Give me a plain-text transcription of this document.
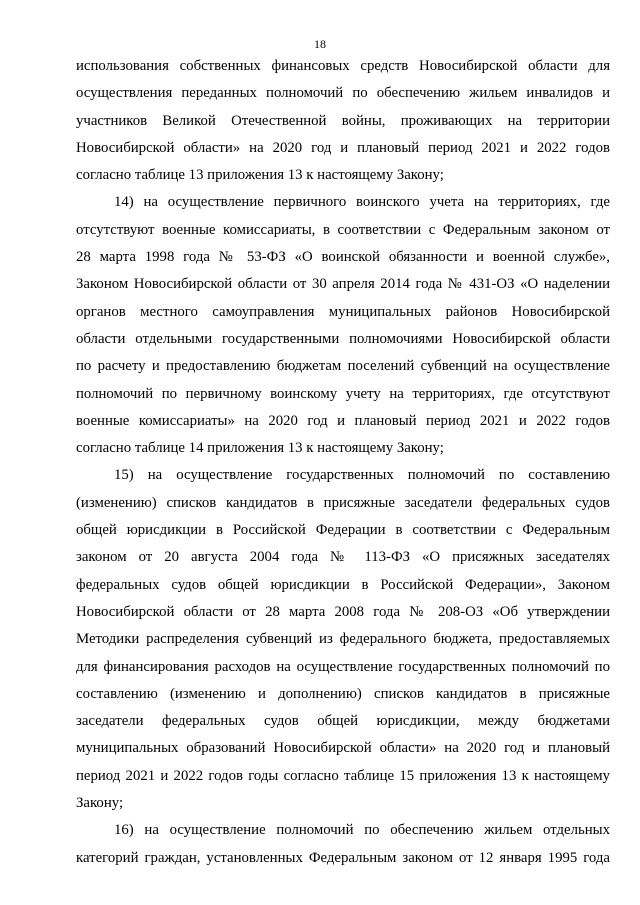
18
использования собственных финансовых средств Новосибирской области для
осуществления переданных полномочий по обеспечению жильем инвалидов и
участников Великой Отечественной войны, проживающих на территории
Новосибирской области» на 2020 год и плановый период 2021 и 2022 годов
согласно таблице 13 приложения 13 к настоящему Закону;
14) на осуществление первичного воинского учета на территориях, где
отсутствуют военные комиссариаты, в соответствии с Федеральным законом от
28 марта 1998 года № 53-ФЗ «О воинской обязанности и военной службе»,
Законом Новосибирской области от 30 апреля 2014 года № 431-ОЗ «О наделении
органов местного самоуправления муниципальных районов Новосибирской
области отдельными государственными полномочиями Новосибирской области
по расчету и предоставлению бюджетам поселений субвенций на осуществление
полномочий по первичному воинскому учету на территориях, где отсутствуют
военные комиссариаты» на 2020 год и плановый период 2021 и 2022 годов
согласно таблице 14 приложения 13 к настоящему Закону;
15) на осуществление государственных полномочий по составлению
(изменению) списков кандидатов в присяжные заседатели федеральных судов
общей юрисдикции в Российской Федерации в соответствии с Федеральным
законом от 20 августа 2004 года № 113-ФЗ «О присяжных заседателях
федеральных судов общей юрисдикции в Российской Федерации», Законом
Новосибирской области от 28 марта 2008 года № 208-ОЗ «Об утверждении
Методики распределения субвенций из федерального бюджета, предоставляемых
для финансирования расходов на осуществление государственных полномочий по
составлению (изменению и дополнению) списков кандидатов в присяжные
заседатели федеральных судов общей юрисдикции, между бюджетами
муниципальных образований Новосибирской области» на 2020 год и плановый
период 2021 и 2022 годов годы согласно таблице 15 приложения 13 к настоящему
Закону;
16) на осуществление полномочий по обеспечению жильем отдельных
категорий граждан, установленных Федеральным законом от 12 января 1995 года
